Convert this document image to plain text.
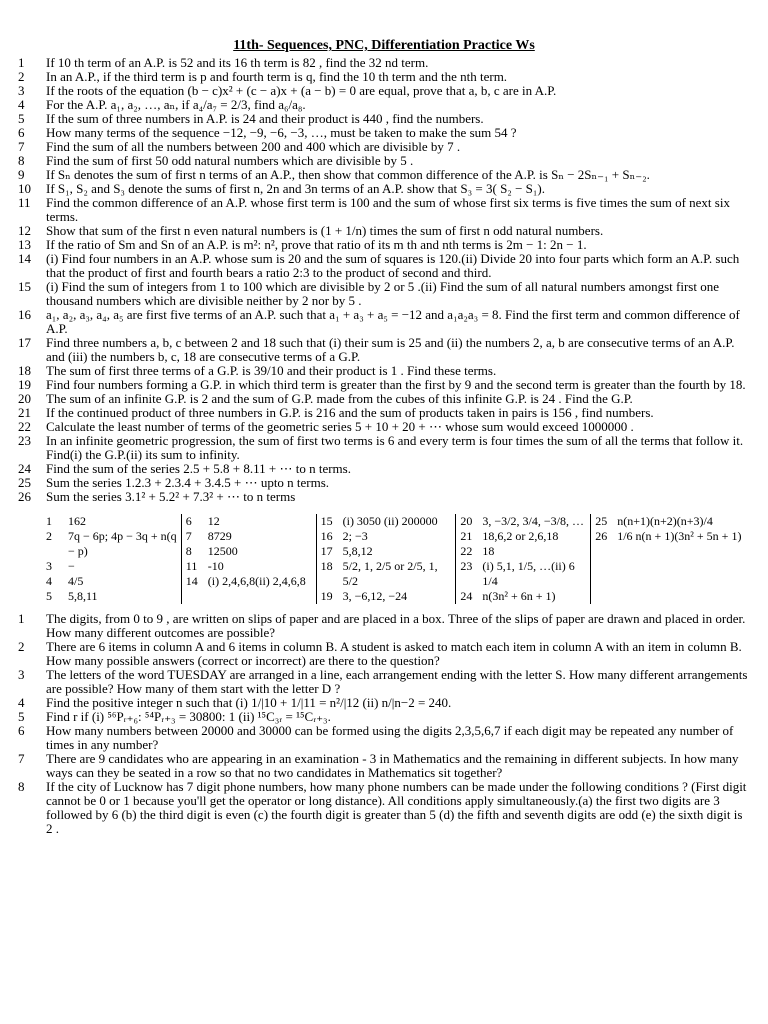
11th- Sequences, PNC, Differentiation Practice Ws
1	If 10 th term of an A.P. is 52 and its 16 th term is 82 , find the 32 nd term.
2	In an A.P., if the third term is p and fourth term is q, find the 10 th term and the nth term.
3	If the roots of the equation (b − c)x² + (c − a)x + (a − b) = 0 are equal, prove that a, b, c are in A.P.
4	For the A.P. a₁, a₂, …, aₙ, if a₄/a₇ = 2/3, find a₆/a₈.
5	If the sum of three numbers in A.P. is 24 and their product is 440 , find the numbers.
6	How many terms of the sequence −12, −9, −6, −3, …, must be taken to make the sum 54 ?
7	Find the sum of all the numbers between 200 and 400 which are divisible by 7 .
8	Find the sum of first 50 odd natural numbers which are divisible by 5 .
9	If Sₙ denotes the sum of first n terms of an A.P., then show that common difference of the A.P. is Sₙ − 2Sₙ₋₁ + Sₙ₋₂.
10	If S₁, S₂ and S₃ denote the sums of first n, 2n and 3n terms of an A.P. show that S₃ = 3( S₂ − S₁).
11	Find the common difference of an A.P. whose first term is 100 and the sum of whose first six terms is five times the sum of next six terms.
12	Show that sum of the first n even natural numbers is (1 + 1/n) times the sum of first n odd natural numbers.
13	If the ratio of Sm and Sn of an A.P. is m²: n², prove that ratio of its m th and nth terms is 2m − 1: 2n − 1.
14	(i) Find four numbers in an A.P. whose sum is 20 and the sum of squares is 120.(ii) Divide 20 into four parts which form an A.P. such that the product of first and fourth bears a ratio 2:3 to the product of second and third.
15	(i) Find the sum of integers from 1 to 100 which are divisible by 2 or 5 .(ii) Find the sum of all natural numbers amongst first one thousand numbers which are divisible neither by 2 nor by 5 .
16	a₁, a₂, a₃, a₄, a₅ are first five terms of an A.P. such that a₁ + a₃ + a₅ = −12 and a₁a₂a₃ = 8. Find the first term and common difference of A.P.
17	Find three numbers a, b, c between 2 and 18 such that (i) their sum is 25 and (ii) the numbers 2, a, b are consecutive terms of an A.P. and (iii) the numbers b, c, 18 are consecutive terms of a G.P.
18	The sum of first three terms of a G.P. is 39/10 and their product is 1 . Find these terms.
19	Find four numbers forming a G.P. in which third term is greater than the first by 9 and the second term is greater than the fourth by 18.
20	The sum of an infinite G.P. is 2 and the sum of G.P. made from the cubes of this infinite G.P. is 24 . Find the G.P.
21	If the continued product of three numbers in G.P. is 216 and the sum of products taken in pairs is 156 , find numbers.
22	Calculate the least number of terms of the geometric series 5 + 10 + 20 + ⋯ whose sum would exceed 1000000 .
23	In an infinite geometric progression, the sum of first two terms is 6 and every term is four times the sum of all the terms that follow it. Find(i) the G.P.(ii) its sum to infinity.
24	Find the sum of the series 2.5 + 5.8 + 8.11 + ⋯ to n terms.
25	Sum the series 1.2.3 + 2.3.4 + 3.4.5 + ⋯ upto n terms.
26	Sum the series 3.1² + 5.2² + 7.3² + ⋯ to n terms
1	162
2	7q − 6p; 4p − 3q + n(q − p)
3	−
4	4/5
5	5,8,11
6	12
7	8729
8	12500
11 -10
14 (i) 2,4,6,8(ii) 2,4,6,8
15 (i) 3050 (ii) 200000
16 2; −3
17 5,8,12
18 5/2, 1, 2/5 or 2/5, 1, 5/2
19 3, −6,12, −24
20 3, −3/2, 3/4, −3/8, …
21 18,6,2 or 2,6,18
22 18
23 (i) 5,1, 1/5, …(ii) 6 1/4
24 n(3n² + 6n + 1)
25 n(n+1)(n+2)(n+3)/4
26 1/6 n(n + 1)(3n² + 5n + 1)
1	The digits, from 0 to 9 , are written on slips of paper and are placed in a box. Three of the slips of paper are drawn and placed in order. How many different outcomes are possible?
2	There are 6 items in column A and 6 items in column B. A student is asked to match each item in column A with an item in column B. How many possible answers (correct or incorrect) are there to the question?
3	The letters of the word TUESDAY are arranged in a line, each arrangement ending with the letter S. How many different arrangements are possible? How many of them start with the letter D ?
4	Find the positive integer n such that (i) 1/|10 + 1/|11 = n²/|12 (ii) n/|n−2 = 240.
5	Find r if (i) ⁵⁶Pᵣ₊₆: ⁵⁴Pᵣ₊₃ = 30800: 1 (ii) ¹⁵C₃ᵣ = ¹⁵Cᵣ₊₃.
6	How many numbers between 20000 and 30000 can be formed using the digits 2,3,5,6,7 if each digit may be repeated any number of times in any number?
7	There are 9 candidates who are appearing in an examination - 3 in Mathematics and the remaining in different subjects. In how many ways can they be seated in a row so that no two candidates in Mathematics sit together?
8	If the city of Lucknow has 7 digit phone numbers, how many phone numbers can be made under the following conditions ? (First digit cannot be 0 or 1 because you'll get the operator or long distance). All conditions apply simultaneously.(a) the first two digits are 3 followed by 6 (b) the third digit is even (c) the fourth digit is greater than 5 (d) the fifth and seventh digits are odd (e) the sixth digit is 2 .
